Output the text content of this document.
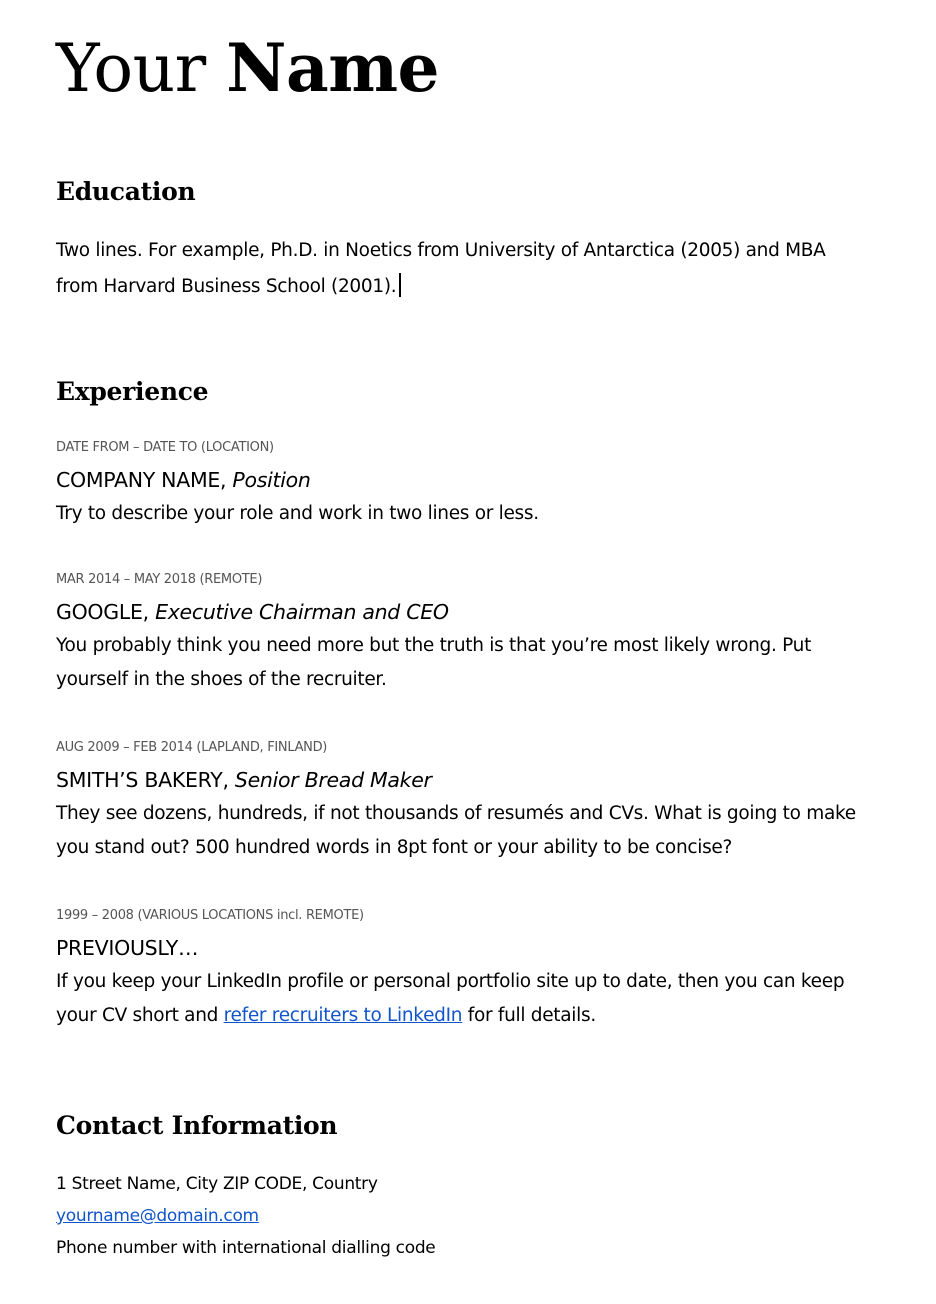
Your Name
Education
Two lines. For example, Ph.D. in Noetics from University of Antarctica (2005) and MBA from Harvard Business School (2001).
Experience
DATE FROM – DATE TO (LOCATION)
COMPANY NAME, Position
Try to describe your role and work in two lines or less.
MAR 2014 – MAY 2018 (REMOTE)
GOOGLE, Executive Chairman and CEO
You probably think you need more but the truth is that you’re most likely wrong. Put yourself in the shoes of the recruiter.
AUG 2009 – FEB 2014 (LAPLAND, FINLAND)
SMITH’S BAKERY, Senior Bread Maker
They see dozens, hundreds, if not thousands of resumés and CVs. What is going to make you stand out? 500 hundred words in 8pt font or your ability to be concise?
1999 – 2008 (VARIOUS LOCATIONS incl. REMOTE)
PREVIOUSLY…
If you keep your LinkedIn profile or personal portfolio site up to date, then you can keep your CV short and refer recruiters to LinkedIn for full details.
Contact Information
1 Street Name, City ZIP CODE, Country
yourname@domain.com
Phone number with international dialling code
